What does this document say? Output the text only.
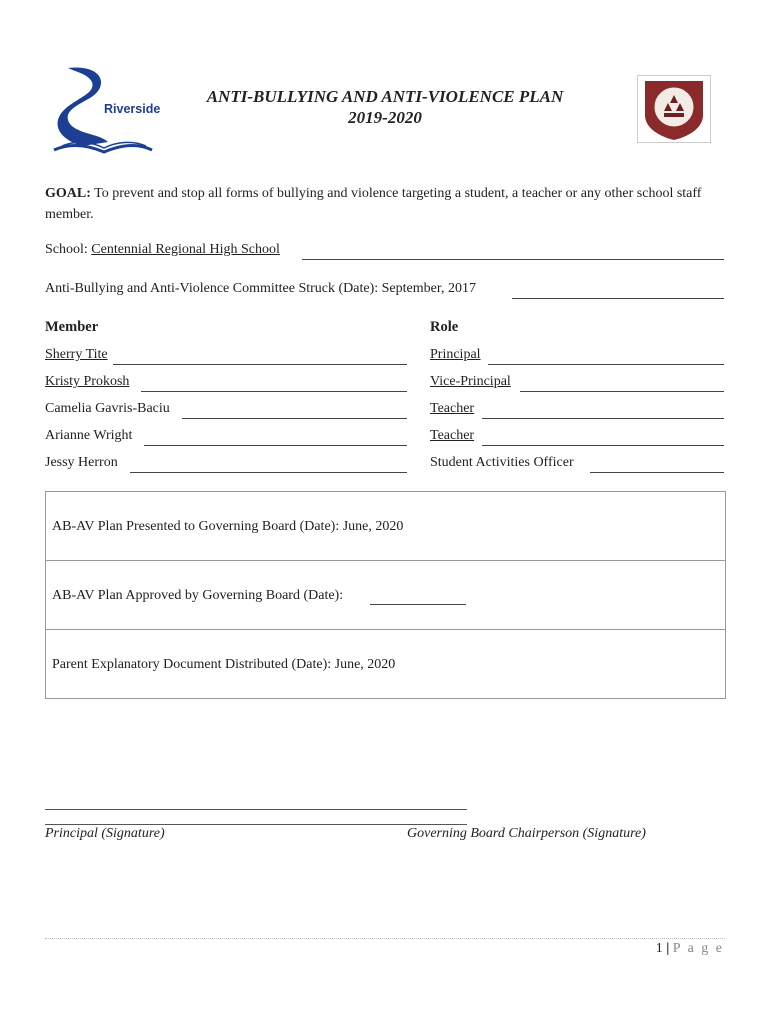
Riverside
ANTI-BULLYING AND ANTI-VIOLENCE PLAN
2019-2020
GOAL: To prevent and stop all forms of bullying and violence targeting a student, a teacher or any other school staff member.
School: Centennial Regional High School
Anti-Bullying and Anti-Violence Committee Struck (Date): September, 2017
Member	Role
Sherry Tite	Principal
Kristy Prokosh	Vice-Principal
Camelia Gavris-Baciu	Teacher
Arianne Wright	Teacher
Jessy Herron	Student Activities Officer
AB-AV Plan Presented to Governing Board (Date): June, 2020
AB-AV Plan Approved by Governing Board (Date):
Parent Explanatory Document Distributed (Date): June, 2020
Principal (Signature)	Governing Board Chairperson (Signature)
1 | P a g e
